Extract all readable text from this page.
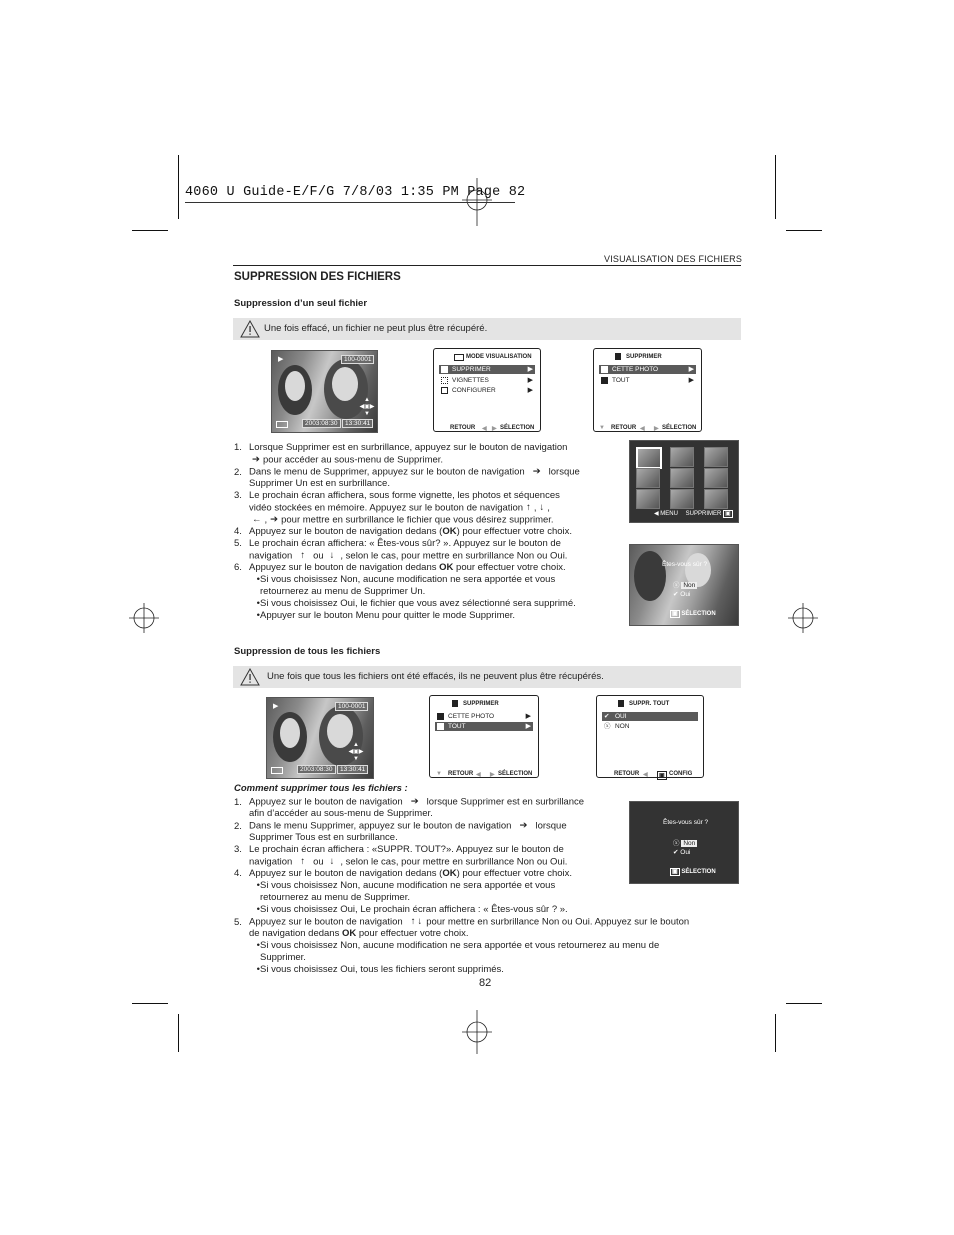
4060 U Guide-E/F/G 7/8/03 1:35 PM Page 82
VISUALISATION DES FICHIERS
SUPPRESSION DES FICHIERS
Suppression d’un seul fichier
Une fois effacé, un fichier ne peut plus être récupéré.
▶	100-0001
▲
◀▣▶
▼
2003:08:30	13:30:41
MODE VISUALISATION
SUPPRIMER	▶
VIGNETTES	▶
CONFIGURER	▶
RETOUR ◀ ▶ SÉLECTION
SUPPRIMER
CETTE PHOTO	▶
TOUT	▶
▼ RETOUR ◀ ▶ SÉLECTION
◀ MENU SUPPRIMER ▣
Êtes-vous sûr ?
ⓧ Non
✔ Oui
▣ SÉLECTION
1. Lorsque Supprimer est en surbrillance, appuyez sur le bouton de navigation
➔ pour accéder au sous-menu de Supprimer.
2. Dans le menu de Supprimer, appuyez sur le bouton de navigation ➔ lorsque
Supprimer Un est en surbrillance.
3. Le prochain écran affichera, sous forme vignette, les photos et séquences
vidéo stockées en mémoire. Appuyez sur le bouton de navigation ↑ , ↓ ,
← , ➔ pour mettre en surbrillance le fichier que vous désirez supprimer.
4. Appuyez sur le bouton de navigation dedans (OK) pour effectuer votre choix.
5. Le prochain écran affichera: « Êtes-vous sûr? ». Appuyez sur le bouton de
navigation ↑ ou ↓ , selon le cas, pour mettre en surbrillance Non ou Oui.
6. Appuyez sur le bouton de navigation dedans OK pour effectuer votre choix.
•Si vous choisissez Non, aucune modification ne sera apportée et vous
retournerez au menu de Supprimer Un.
•Si vous choisissez Oui, le fichier que vous avez sélectionné sera supprimé.
•Appuyer sur le bouton Menu pour quitter le mode Supprimer.
Suppression de tous les fichiers
Une fois que tous les fichiers ont été effacés, ils ne peuvent plus être récupérés.
▶	100-0001
▲
◀▣▶
▼
2003:08:30	13:30:41
SUPPRIMER
CETTE PHOTO	▶
TOUT	▶
▼ RETOUR ◀ ▶ SÉLECTION
SUPPR. TOUT
✔ OUI
ⓧ NON
RETOUR ◀	▣ CONFIG
Êtes-vous sûr ?
ⓧ Non
✔ Oui
▣ SÉLECTION
Comment supprimer tous les fichiers :
1. Appuyez sur le bouton de navigation ➔ lorsque Supprimer est en surbrillance
afin d’accéder au sous-menu de Supprimer.
2. Dans le menu Supprimer, appuyez sur le bouton de navigation ➔ lorsque
Supprimer Tous est en surbrillance.
3. Le prochain écran affichera : «SUPPR. TOUT?». Appuyez sur le bouton de
navigation ↑ ou ↓ , selon le cas, pour mettre en surbrillance Non ou Oui.
4. Appuyez sur le bouton de navigation dedans (OK) pour effectuer votre choix.
•Si vous choisissez Non, aucune modification ne sera apportée et vous
retournerez au menu de Supprimer.
•Si vous choisissez Oui, Le prochain écran affichera : « Êtes-vous sûr ? ».
5. Appuyez sur le bouton de navigation ↑ ↓ pour mettre en surbrillance Non ou Oui. Appuyez sur le bouton
de navigation dedans OK pour effectuer votre choix.
•Si vous choisissez Non, aucune modification ne sera apportée et vous retournerez au menu de
Supprimer.
•Si vous choisissez Oui, tous les fichiers seront supprimés.
82
